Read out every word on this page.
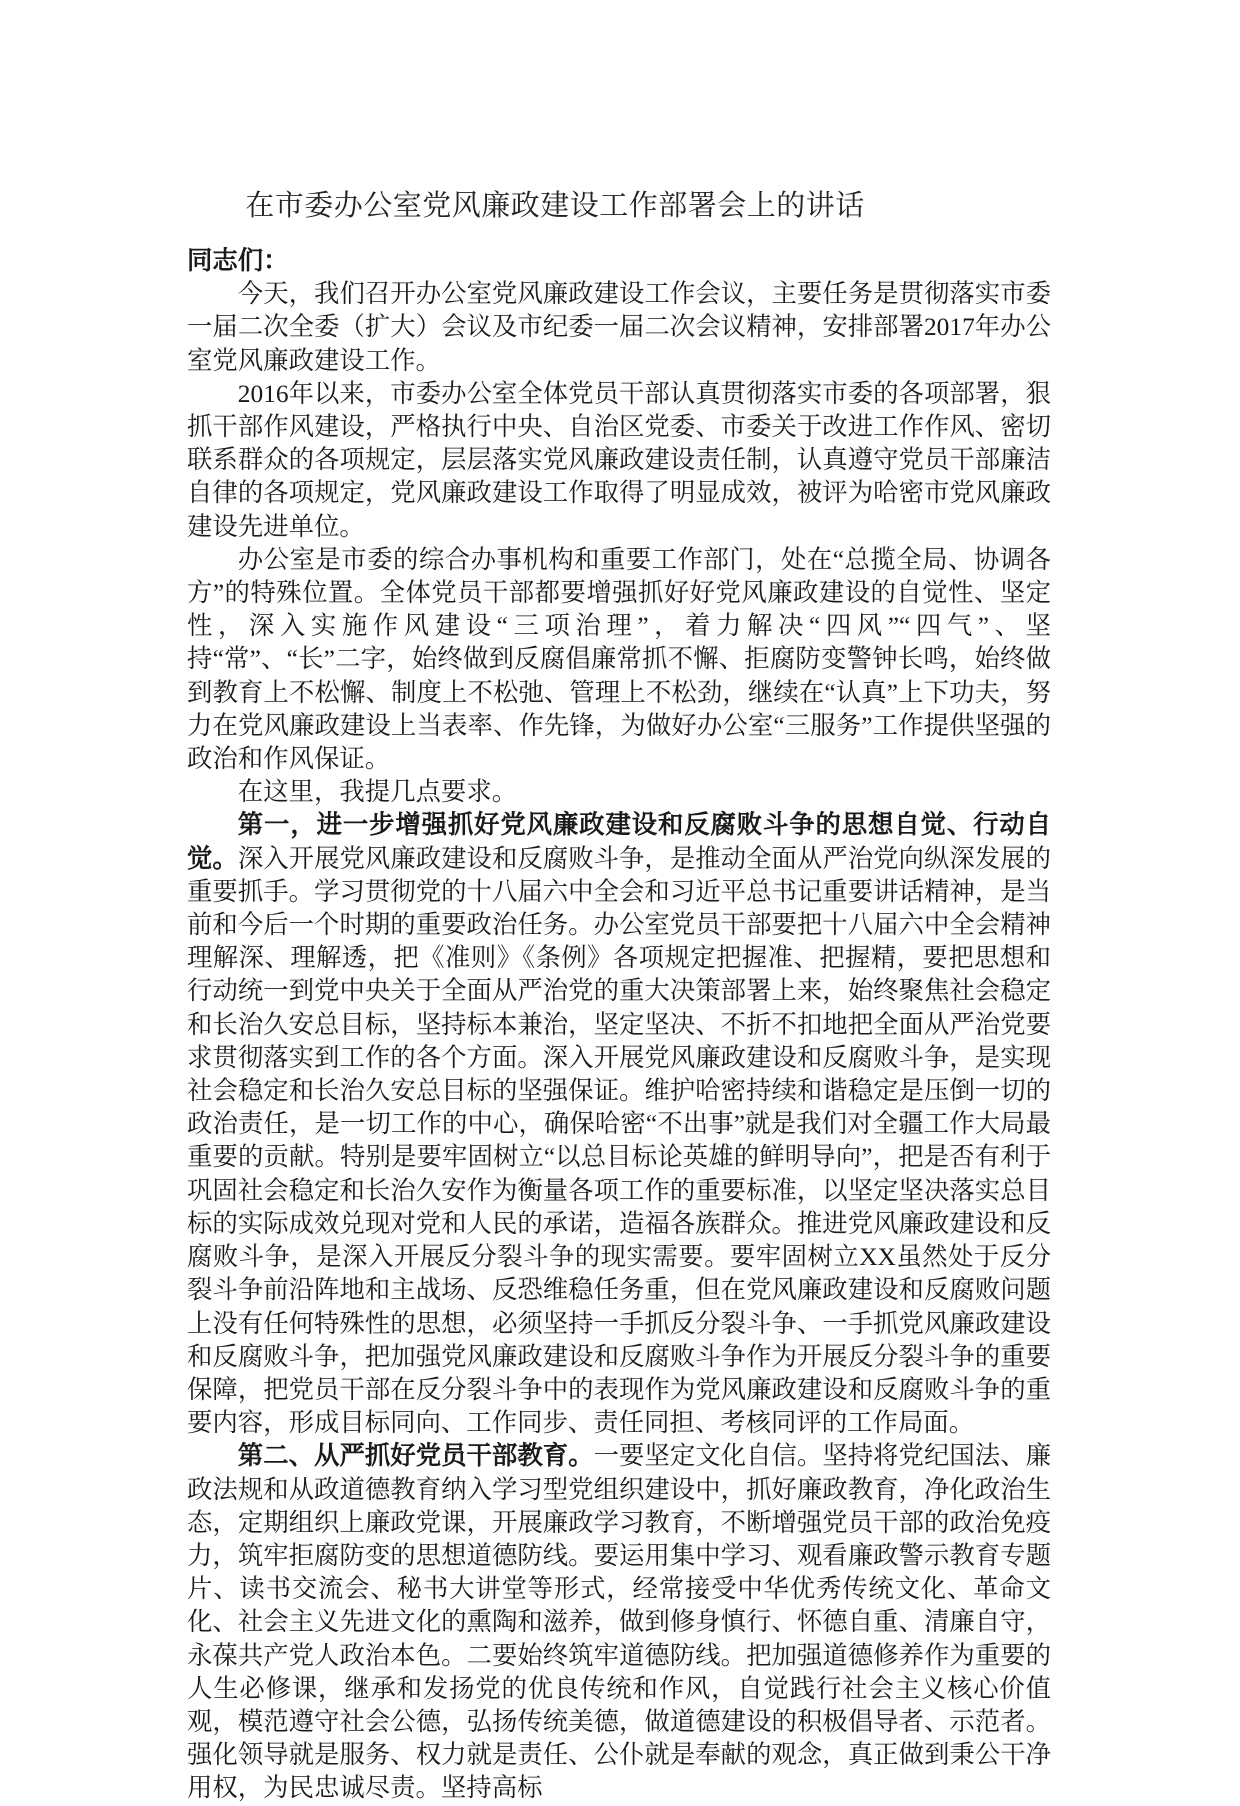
在市委办公室党风廉政建设工作部署会上的讲话

同志们：

今天，我们召开办公室党风廉政建设工作会议，主要任务是贯彻落实市委一届二次全委（扩大）会议及市纪委一届二次会议精神，安排部署2017年办公室党风廉政建设工作。

2016年以来，市委办公室全体党员干部认真贯彻落实市委的各项部署，狠抓干部作风建设，严格执行中央、自治区党委、市委关于改进工作作风、密切联系群众的各项规定，层层落实党风廉政建设责任制，认真遵守党员干部廉洁自律的各项规定，党风廉政建设工作取得了明显成效，被评为哈密市党风廉政建设先进单位。

办公室是市委的综合办事机构和重要工作部门，处在“总揽全局、协调各方”的特殊位置。全体党员干部都要增强抓好好党风廉政建设的自觉性、坚定性，深入实施作风建设“三项治理”，着力解决“四风”“四气”、坚持“常”、“长”二字，始终做到反腐倡廉常抓不懈、拒腐防变警钟长鸣，始终做到教育上不松懈、制度上不松弛、管理上不松劲，继续在“认真”上下功夫，努力在党风廉政建设上当表率、作先锋，为做好办公室“三服务”工作提供坚强的政治和作风保证。

在这里，我提几点要求。

第一，进一步增强抓好党风廉政建设和反腐败斗争的思想自觉、行动自觉。深入开展党风廉政建设和反腐败斗争，是推动全面从严治党向纵深发展的重要抓手。学习贯彻党的十八届六中全会和习近平总书记重要讲话精神，是当前和今后一个时期的重要政治任务。办公室党员干部要把十八届六中全会精神理解深、理解透，把《准则》《条例》各项规定把握准、把握精，要把思想和行动统一到党中央关于全面从严治党的重大决策部署上来，始终聚焦社会稳定和长治久安总目标，坚持标本兼治，坚定坚决、不折不扣地把全面从严治党要求贯彻落实到工作的各个方面。深入开展党风廉政建设和反腐败斗争，是实现社会稳定和长治久安总目标的坚强保证。维护哈密持续和谐稳定是压倒一切的政治责任，是一切工作的中心，确保哈密“不出事”就是我们对全疆工作大局最重要的贡献。特别是要牢固树立“以总目标论英雄的鲜明导向”，把是否有利于巩固社会稳定和长治久安作为衡量各项工作的重要标准，以坚定坚决落实总目标的实际成效兑现对党和人民的承诺，造福各族群众。推进党风廉政建设和反腐败斗争，是深入开展反分裂斗争的现实需要。要牢固树立XX虽然处于反分裂斗争前沿阵地和主战场、反恐维稳任务重，但在党风廉政建设和反腐败问题上没有任何特殊性的思想，必须坚持一手抓反分裂斗争、一手抓党风廉政建设和反腐败斗争，把加强党风廉政建设和反腐败斗争作为开展反分裂斗争的重要保障，把党员干部在反分裂斗争中的表现作为党风廉政建设和反腐败斗争的重要内容，形成目标同向、工作同步、责任同担、考核同评的工作局面。

第二、从严抓好党员干部教育。一要坚定文化自信。坚持将党纪国法、廉政法规和从政道德教育纳入学习型党组织建设中，抓好廉政教育，净化政治生态，定期组织上廉政党课，开展廉政学习教育，不断增强党员干部的政治免疫力，筑牢拒腐防变的思想道德防线。要运用集中学习、观看廉政警示教育专题片、读书交流会、秘书大讲堂等形式，经常接受中华优秀传统文化、革命文化、社会主义先进文化的熏陶和滋养，做到修身慎行、怀德自重、清廉自守，永葆共产党人政治本色。二要始终筑牢道德防线。把加强道德修养作为重要的人生必修课，继承和发扬党的优良传统和作风，自觉践行社会主义核心价值观，模范遵守社会公德，弘扬传统美德，做道德建设的积极倡导者、示范者。强化领导就是服务、权力就是责任、公仆就是奉献的观念，真正做到秉公干净用权，为民忠诚尽责。坚持高标
